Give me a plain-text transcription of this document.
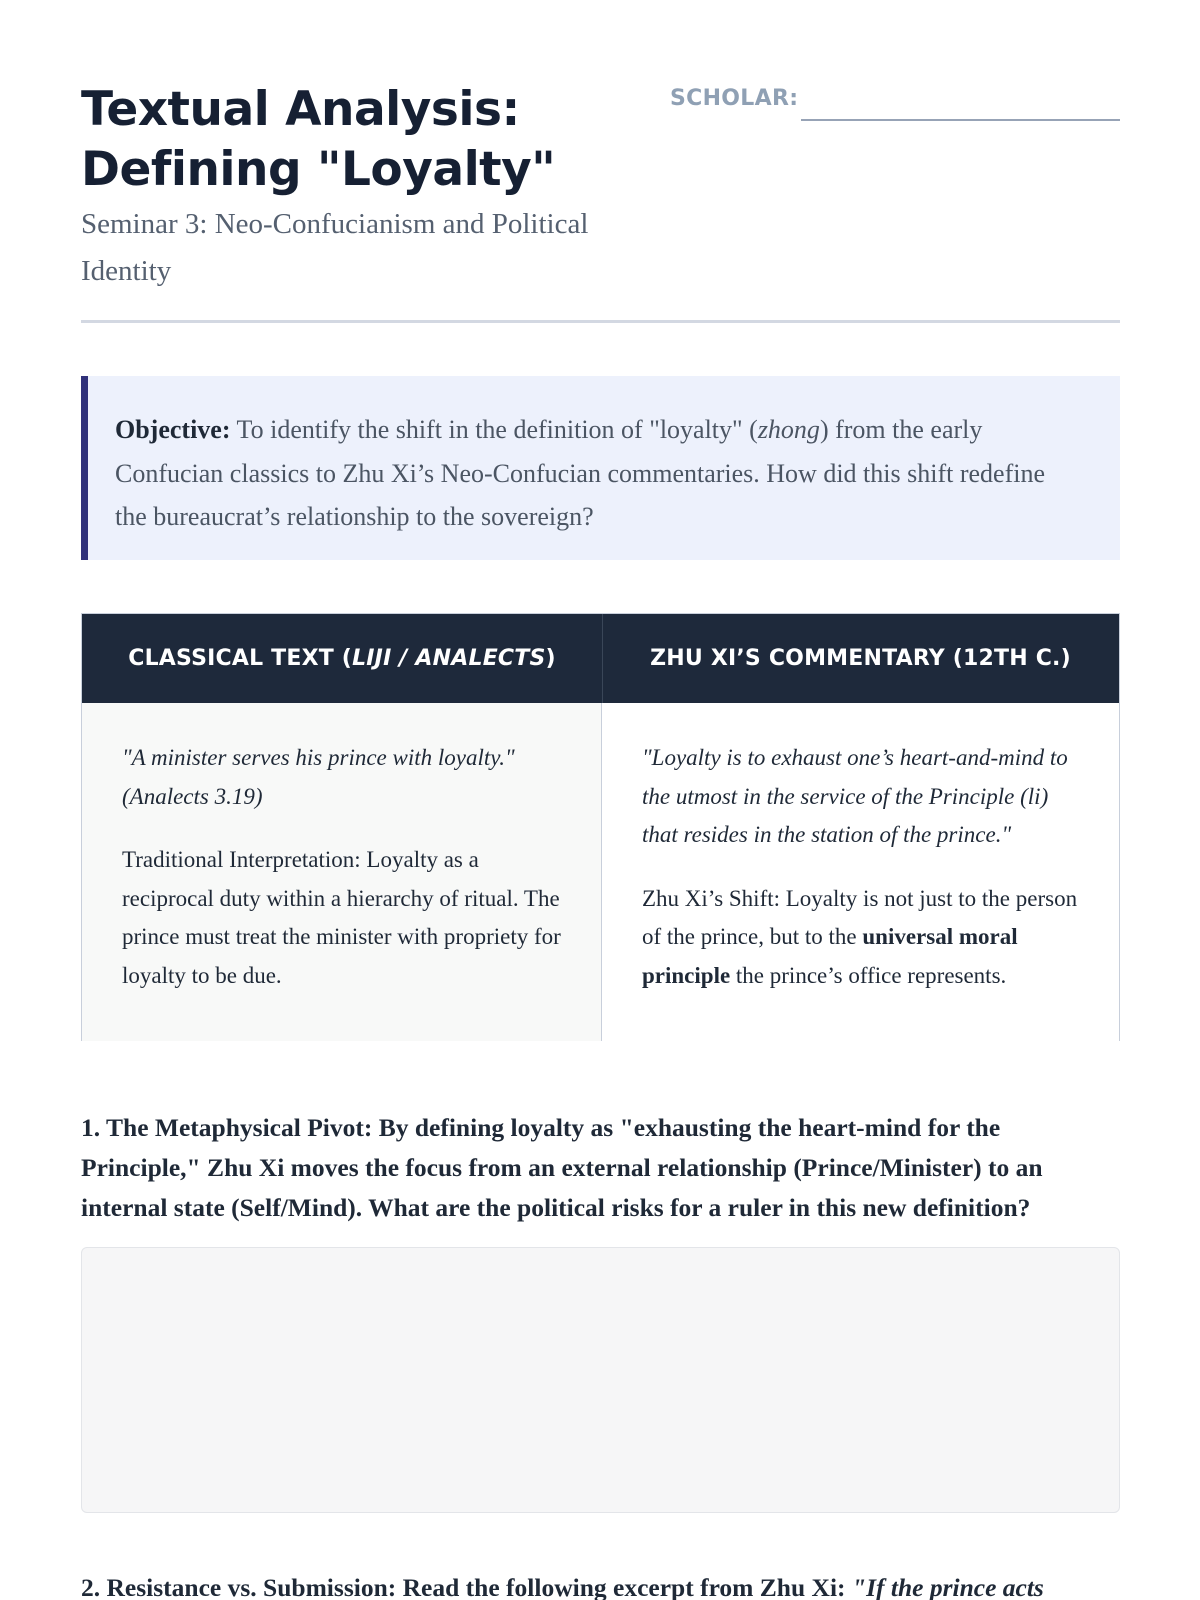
Textual Analysis:
Defining "Loyalty"
Seminar 3: Neo-Confucianism and Political Identity
SCHOLAR:
Objective: To identify the shift in the definition of "loyalty" (zhong) from the early Confucian classics to Zhu Xi’s Neo-Confucian commentaries. How did this shift redefine the bureaucrat’s relationship to the sovereign?
CLASSICAL TEXT (LIJI / ANALECTS)	ZHU XI’S COMMENTARY (12TH C.)

"A minister serves his prince with loyalty." (Analects 3.19)

Traditional Interpretation: Loyalty as a reciprocal duty within a hierarchy of ritual. The prince must treat the minister with propriety for loyalty to be due.

"Loyalty is to exhaust one’s heart-and-mind to the utmost in the service of the Principle (li) that resides in the station of the prince."

Zhu Xi’s Shift: Loyalty is not just to the person of the prince, but to the universal moral principle the prince’s office represents.

1. The Metaphysical Pivot: By defining loyalty as "exhausting the heart-mind for the Principle," Zhu Xi moves the focus from an external relationship (Prince/Minister) to an internal state (Self/Mind). What are the political risks for a ruler in this new definition?

2. Resistance vs. Submission: Read the following excerpt from Zhu Xi: "If the prince acts
